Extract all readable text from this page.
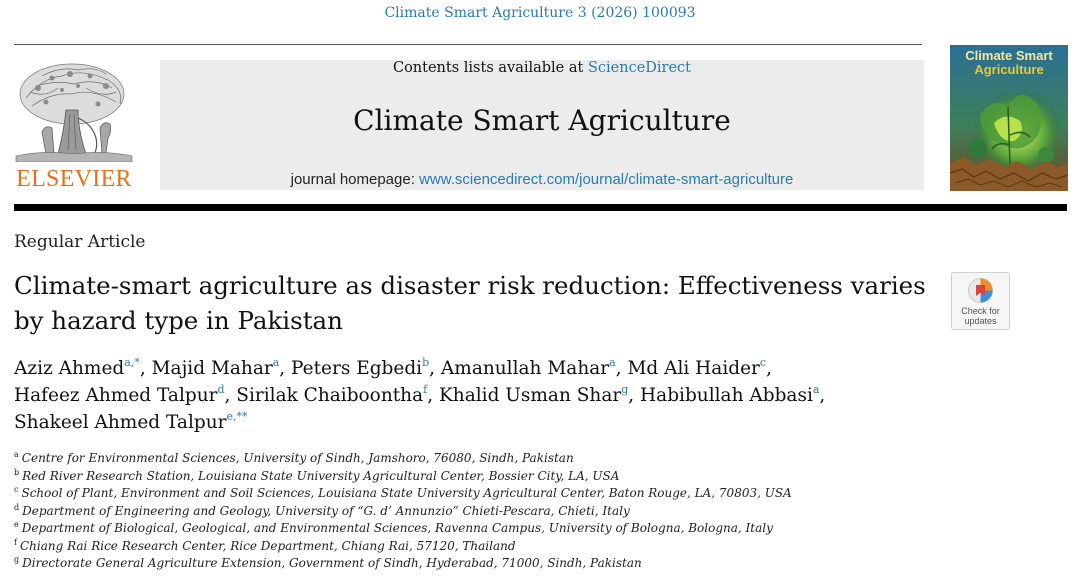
Climate Smart Agriculture 3 (2026) 100093
ELSEVIER
Contents lists available at ScienceDirect
Climate Smart Agriculture
journal homepage: www.sciencedirect.com/journal/climate-smart-agriculture
Climate Smart
Agriculture
Regular Article
Climate-smart agriculture as disaster risk reduction: Effectiveness varies by hazard type in Pakistan	Check for
updates
Aziz Ahmed$^{a,*}$, Majid Mahar$^a$, Peters Egbedi$^b$, Amanullah Mahar$^a$, Md Ali Haider$^c$,
Hafeez Ahmed Talpur$^d$, Sirilak Chaiboontha$^f$, Khalid Usman Shar$^g$, Habibullah Abbasi$^a$,
Shakeel Ahmed Talpur$^{e,**}$
$^a$ Centre for Environmental Sciences, University of Sindh, Jamshoro, 76080, Sindh, Pakistan
$^b$ Red River Research Station, Louisiana State University Agricultural Center, Bossier City, LA, USA
$^c$ School of Plant, Environment and Soil Sciences, Louisiana State University Agricultural Center, Baton Rouge, LA, 70803, USA
$^d$ Department of Engineering and Geology, University of “G. d’ Annunzio” Chieti-Pescara, Chieti, Italy
$^e$ Department of Biological, Geological, and Environmental Sciences, Ravenna Campus, University of Bologna, Bologna, Italy
$^f$ Chiang Rai Rice Research Center, Rice Department, Chiang Rai, 57120, Thailand
$^g$ Directorate General Agriculture Extension, Government of Sindh, Hyderabad, 71000, Sindh, Pakistan
